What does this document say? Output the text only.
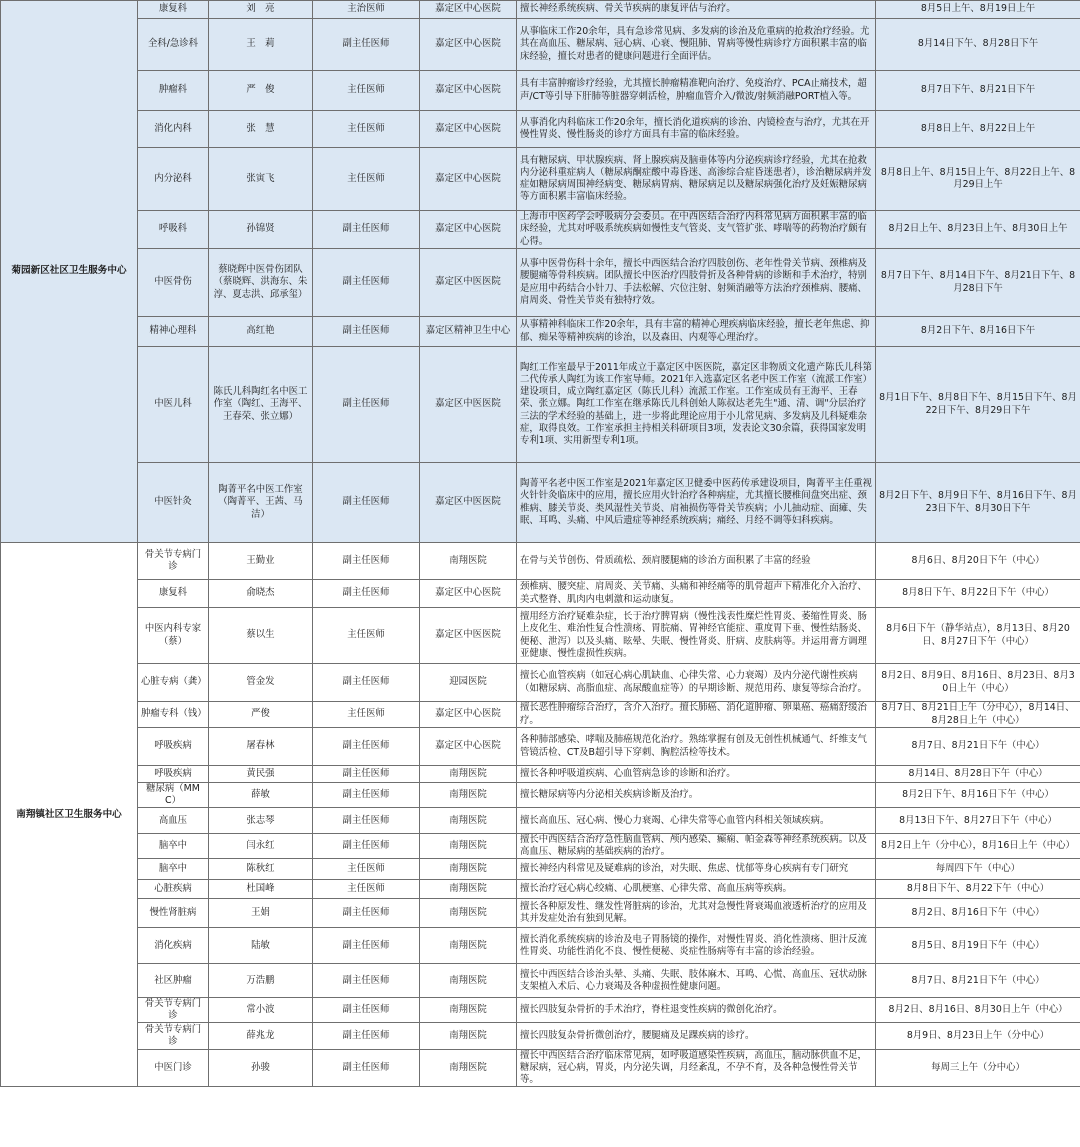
菊园新区社区卫生服务中心	康复科	刘　亮	主治医师	嘉定区中心医院	擅长神经系统疾病、骨关节疾病的康复评估与治疗。	8月5日上午、8月19日上午
	全科/急诊科	王　莉	副主任医师	嘉定区中心医院	从事临床工作20余年，具有急诊常见病、多发病的诊治及危重病的抢救治疗经验。尤其在高血压、糖尿病、冠心病、心衰、慢阻肺、胃病等慢性病诊疗方面积累丰富的临床经验，擅长对患者的健康问题进行全面评估。	8月14日下午、8月28日下午
	肿瘤科	严　俊	主任医师	嘉定区中心医院	具有丰富肿瘤诊疗经验，尤其擅长肿瘤精准靶向治疗、免疫治疗、PCA止痛技术，超声/CT等引导下肝肺等脏器穿刺活检，肿瘤血管介入/微波/射频消融PORT植入等。	8月7日下午、8月21日下午
	消化内科	张　慧	主任医师	嘉定区中心医院	从事消化内科临床工作20余年，擅长消化道疾病的诊治、内镜检查与治疗，尤其在开慢性胃炎、慢性肠炎的诊疗方面具有丰富的临床经验。	8月8日上午、8月22日上午
	内分泌科	张寅飞	主任医师	嘉定区中心医院	具有糖尿病、甲状腺疾病、肾上腺疾病及脑垂体等内分泌疾病诊疗经验，尤其在抢救内分泌科重症病人（糖尿病酮症酸中毒昏迷、高渗综合症昏迷患者），诊治糖尿病并发症如糖尿病周围神经病变、糖尿病胃病、糖尿病足以及糖尿病强化治疗及妊娠糖尿病等方面积累丰富临床经验。	8月8日上午、8月15日上午、8月22日上午、8月29日上午
	呼吸科	孙锦贤	副主任医师	嘉定区中心医院	上海市中医药学会呼吸病分会委员。在中西医结合治疗内科常见病方面积累丰富的临床经验，尤其对呼吸系统疾病如慢性支气管炎、支气管扩张、哮喘等的药物治疗颇有心得。	8月2日上午、8月23日上午、8月30日上午
	中医骨伤	蔡晓辉中医骨伤团队（蔡晓辉、洪海东、朱淳、夏志洪、邱承玺）	副主任医师	嘉定区中医医院	从事中医骨伤科十余年，擅长中西医结合治疗四肢创伤、老年性骨关节病、颈椎病及腰腿痛等骨科疾病。团队擅长中医治疗四肢骨折及各种骨病的诊断和手术治疗，特别是应用中药结合小针刀、手法松解、穴位注射、射频消融等方法治疗颈椎病、腰痛、肩周炎、骨性关节炎有独特疗效。	8月7日下午、8月14日下午、8月21日下午、8月28日下午
	精神心理科	高红艳	副主任医师	嘉定区精神卫生中心	从事精神科临床工作20余年，具有丰富的精神心理疾病临床经验，擅长老年焦虑、抑郁、痴呆等精神疾病的诊治，以及森田、内观等心理治疗。	8月2日下午、8月16日下午
	中医儿科	陈氏儿科陶红名中医工作室（陶红、王海平、王春荣、张立娜）	副主任医师	嘉定区中医医院	陶红工作室最早于2011年成立于嘉定区中医医院，嘉定区非物质文化遗产陈氏儿科第二代传承人陶红为该工作室导师。2021年入选嘉定区名老中医工作室（流派工作室）建设项目，成立陶红嘉定区（陈氏儿科）流派工作室。工作室成员有王海平、王春荣、张立娜。陶红工作室在继承陈氏儿科创始人陈叔达老先生"通、清、调"分层治疗三法的学术经验的基础上，进一步将此理论应用于小儿常见病、多发病及儿科疑难杂症，取得良效。工作室承担主持相关科研项目3项，发表论文30余篇，获得国家发明专利1项、实用新型专利1项。	8月1日下午、8月8日下午、8月15日下午、8月22日下午、8月29日下午
	中医针灸	陶菁平名中医工作室（陶菁平、王茜、马洁）	副主任医师	嘉定区中医医院	陶菁平名老中医工作室是2021年嘉定区卫健委中医药传承建设项目，陶菁平主任重视火针针灸临床中的应用，擅长应用火针治疗各种病症，尤其擅长腰椎间盘突出症、颈椎病、膝关节炎、类风湿性关节炎、肩袖损伤等骨关节疾病；小儿抽动症、面瘫、失眠、耳鸣、头痛、中风后遗症等神经系统疾病；痛经、月经不调等妇科疾病。	8月2日下午、8月9日下午、8月16日下午、8月23日下午、8月30日下午
南翔镇社区卫生服务中心	骨关节专病门诊	王勤业	副主任医师	南翔医院	在骨与关节创伤、骨质疏松、颈肩腰腿痛的诊治方面积累了丰富的经验	8月6日、8月20日下午（中心）
	康复科	俞晓杰	副主任医师	嘉定区中心医院	颈椎病、腰突症、肩周炎、关节痛、头痛和神经痛等的肌骨超声下精准化介入治疗、美式整脊、肌肉内电刺激和运动康复。	8月8日下午、8月22日下午（中心）
	中医内科专家（蔡）	蔡以生	主任医师	嘉定区中医医院	擅用经方治疗疑难杂症，长于治疗脾胃病（慢性浅表性糜烂性胃炎、萎缩性胃炎、肠上皮化生、难治性复合性溃疡、胃脘痛、胃神经官能症、重度胃下垂、慢性结肠炎、便秘、泄泻）以及头痛、眩晕、失眠、慢性肾炎、肝病、皮肤病等。并运用膏方调理亚健康、慢性虚损性疾病。	8月6日下午（静华站点），8月13日、8月20日、8月27日下午（中心）
	心脏专病（龚）	管金发	副主任医师	迎园医院	擅长心血管疾病（如冠心病心肌缺血、心律失常、心力衰竭）及内分泌代谢性疾病（如糖尿病、高脂血症、高尿酸血症等）的早期诊断、规范用药、康复等综合治疗。	8月2日、8月9日、8月16日、8月23日、8月30日上午（中心）
	肿瘤专科（钱）	严俊	主任医师	嘉定区中心医院	擅长恶性肿瘤综合治疗，含介入治疗。擅长肺癌、消化道肿瘤、卵巢癌、癌痛舒缓治疗。	8月7日、8月21日上午（分中心），8月14日、8月28日上午（中心）
	呼吸疾病	屠春林	副主任医师	嘉定区中心医院	各种肺部感染、哮喘及肺癌规范化治疗。熟练掌握有创及无创性机械通气、纤维支气管镜活检、CT及B超引导下穿刺、胸腔活检等技术。	8月7日、8月21日下午（中心）
	呼吸疾病	黄民强	副主任医师	南翔医院	擅长各种呼吸道疾病、心血管病急诊的诊断和治疗。	8月14日、8月28日下午（中心）
	糖尿病（MMC）	薛敏	副主任医师	南翔医院	擅长糖尿病等内分泌相关疾病诊断及治疗。	8月2日下午、8月16日下午（中心）
	高血压	张志琴	副主任医师	南翔医院	擅长高血压、冠心病、慢心力衰竭、心律失常等心血管内科相关领域疾病。	8月13日下午、8月27日下午（中心）
	脑卒中	闫永红	副主任医师	南翔医院	擅长中西医结合治疗急性脑血管病、颅内感染、癫痫、帕金森等神经系统疾病。以及高血压、糖尿病的基础疾病的治疗。	8月2日上午（分中心），8月16日上午（中心）
	脑卒中	陈秋红	主任医师	南翔医院	擅长神经内科常见及疑难病的诊治，对失眠、焦虑、忧郁等身心疾病有专门研究	每周四下午（中心）
	心脏疾病	杜国峰	主任医师	南翔医院	擅长治疗冠心病心绞痛、心肌梗塞、心律失常、高血压病等疾病。	8月8日下午、8月22下午（中心）
	慢性肾脏病	王娟	副主任医师	南翔医院	擅长各种原发性、继发性肾脏病的诊治，尤其对急慢性肾衰竭血液透析治疗的应用及其并发症处治有独到见解。	8月2日、8月16日下午（中心）
	消化疾病	陆敏	副主任医师	南翔医院	擅长消化系统疾病的诊治及电子胃肠镜的操作，对慢性胃炎、消化性溃疡、胆汁反流性胃炎、功能性消化不良、慢性便秘、炎症性肠病等有丰富的诊治经验。	8月5日、8月19日下午（中心）
	社区肿瘤	万浩鹏	副主任医师	南翔医院	擅长中西医结合诊治头晕、头痛、失眠、肢体麻木、耳鸣、心慌、高血压、冠状动脉支架植入术后、心力衰竭及各种虚损性健康问题。	8月7日、8月21日下午（中心）
	骨关节专病门诊	常小波	副主任医师	南翔医院	擅长四肢复杂骨折的手术治疗，脊柱退变性疾病的微创化治疗。	8月2日、8月16日、8月30日上午（中心）
	骨关节专病门诊	薛兆龙	副主任医师	南翔医院	擅长四肢复杂骨折微创治疗，腰腿痛及足踝疾病的诊疗。	8月9日、8月23日上午（分中心）
	中医门诊	孙骏	副主任医师	南翔医院	擅长中西医结合治疗临床常见病，如呼吸道感染性疾病，高血压，脑动脉供血不足，糖尿病，冠心病，胃炎，内分泌失调，月经紊乱，不孕不育，及各种急慢性骨关节等。	每周三上午（分中心）
